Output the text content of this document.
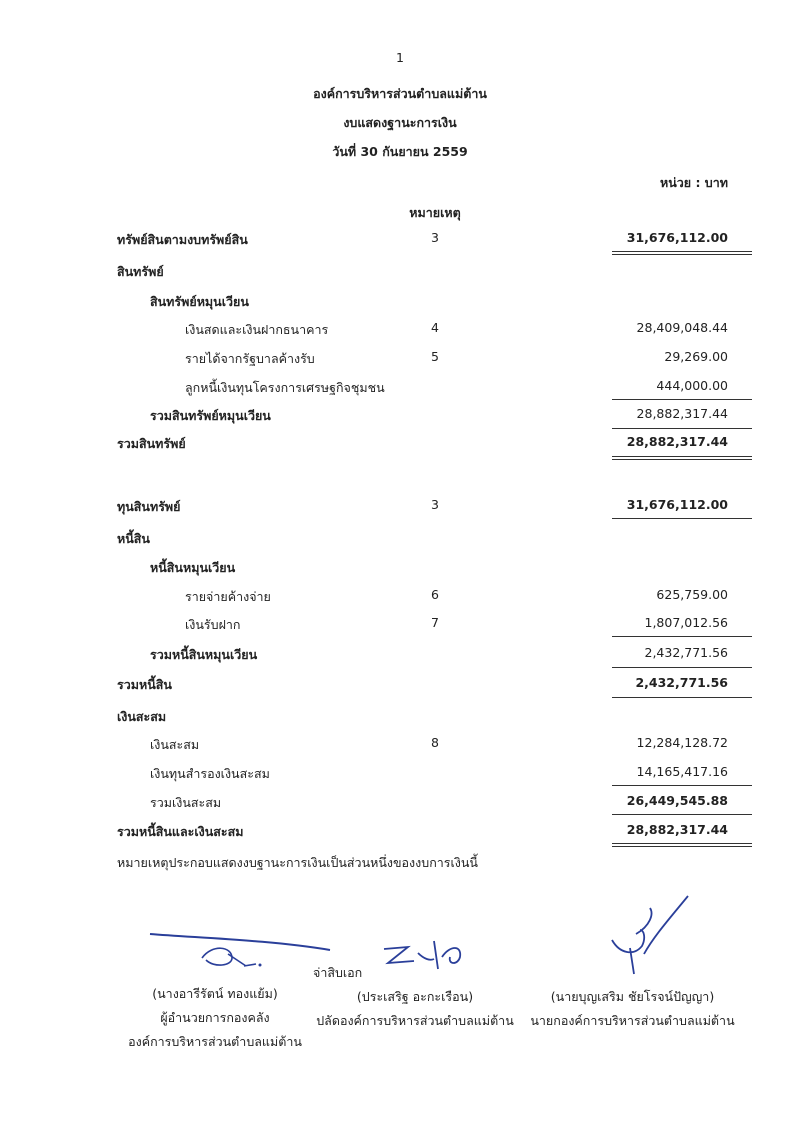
1
องค์การบริหารส่วนตำบลแม่ต้าน
งบแสดงฐานะการเงิน
วันที่ 30 กันยายน 2559
หน่วย : บาท
หมายเหตุ
ทรัพย์สินตามงบทรัพย์สิน	3	31,676,112.00
สินทรัพย์
สินทรัพย์หมุนเวียน
เงินสดและเงินฝากธนาคาร	4	28,409,048.44
รายได้จากรัฐบาลค้างรับ	5	29,269.00
ลูกหนี้เงินทุนโครงการเศรษฐกิจชุมชน	444,000.00
รวมสินทรัพย์หมุนเวียน	28,882,317.44
รวมสินทรัพย์	28,882,317.44
ทุนสินทรัพย์	3	31,676,112.00
หนี้สิน
หนี้สินหมุนเวียน
รายจ่ายค้างจ่าย	6	625,759.00
เงินรับฝาก	7	1,807,012.56
รวมหนี้สินหมุนเวียน	2,432,771.56
รวมหนี้สิน	2,432,771.56
เงินสะสม
เงินสะสม	8	12,284,128.72
เงินทุนสำรองเงินสะสม	14,165,417.16
รวมเงินสะสม	26,449,545.88
รวมหนี้สินและเงินสะสม	28,882,317.44
หมายเหตุประกอบแสดงงบฐานะการเงินเป็นส่วนหนึ่งของงบการเงินนี้
จ่าสิบเอก
(นางอารีรัตน์ ทองแย้ม)
ผู้อำนวยการกองคลัง
องค์การบริหารส่วนตำบลแม่ต้าน
(ประเสริฐ อะกะเรือน)
ปลัดองค์การบริหารส่วนตำบลแม่ต้าน
(นายบุญเสริม ชัยโรจน์ปัญญา)
นายกองค์การบริหารส่วนตำบลแม่ต้าน
